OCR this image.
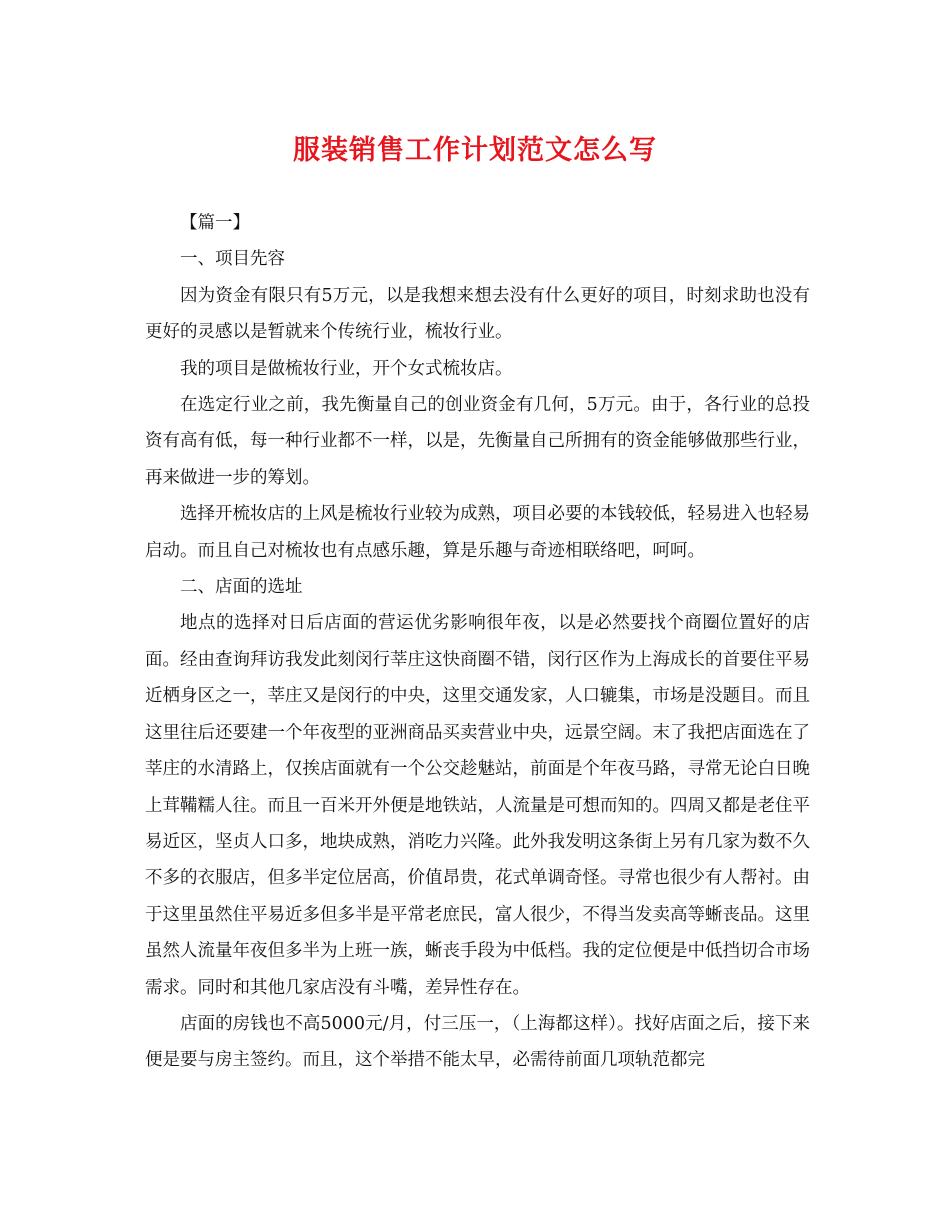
服装销售工作计划范文怎么写

【篇一】

一、项目先容

因为资金有限只有5万元，以是我想来想去没有什么更好的项目，时刻求助也没有更好的灵感以是暂就来个传统行业，梳妆行业。

我的项目是做梳妆行业，开个女式梳妆店。

在选定行业之前，我先衡量自己的创业资金有几何，5万元。由于，各行业的总投资有高有低，每一种行业都不一样，以是，先衡量自己所拥有的资金能够做那些行业，再来做进一步的筹划。

选择开梳妆店的上风是梳妆行业较为成熟，项目必要的本钱较低，轻易进入也轻易启动。而且自己对梳妆也有点感乐趣，算是乐趣与奇迹相联络吧，呵呵。

二、店面的选址

地点的选择对日后店面的营运优劣影响很年夜，以是必然要找个商圈位置好的店面。经由查询拜访我发此刻闵行莘庄这快商圈不错，闵行区作为上海成长的首要住平易近栖身区之一，莘庄又是闵行的中央，这里交通发家，人口辘集，市场是没题目。而且这里往后还要建一个年夜型的亚洲商品买卖营业中央，远景空阔。末了我把店面选在了莘庄的水清路上，仅挨店面就有一个公交趁魅站，前面是个年夜马路，寻常无论白日晚上茸鞴糯人往。而且一百米开外便是地铁站，人流量是可想而知的。四周又都是老住平易近区，坚贞人口多，地块成熟，消吃力兴隆。此外我发明这条街上另有几家为数不久不多的衣服店，但多半定位居高，价值昂贵，花式单调奇怪。寻常也很少有人帮衬。由于这里虽然住平易近多但多半是平常老庶民，富人很少，不得当发卖高等蜥丧品。这里虽然人流量年夜但多半为上班一族，蜥丧手段为中低档。我的定位便是中低挡切合市场需求。同时和其他几家店没有斗嘴，差异性存在。

店面的房钱也不高5000元/月，付三压一，（上海都这样）。找好店面之后，接下来便是要与房主签约。而且，这个举措不能太早，必需待前面几项轨范都完
